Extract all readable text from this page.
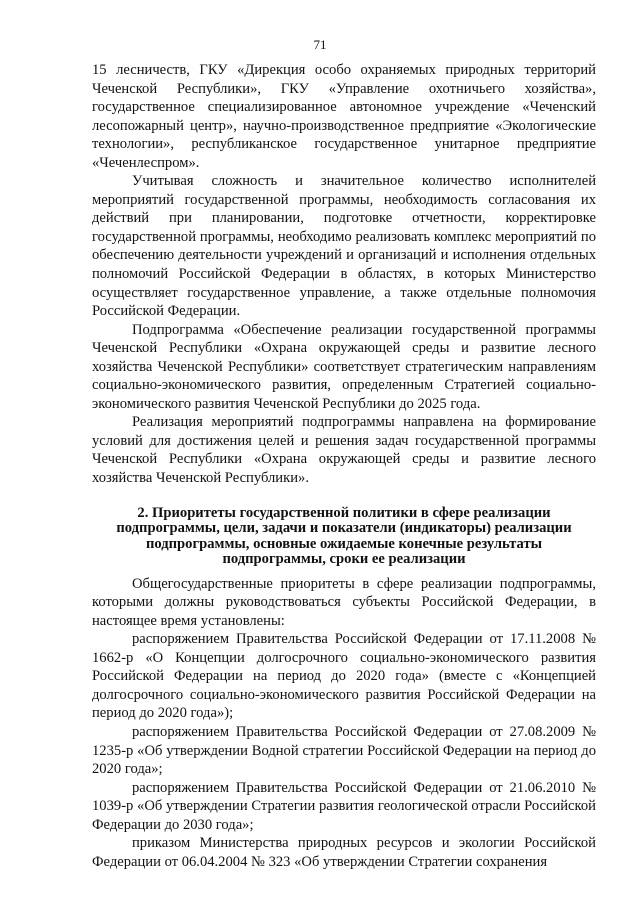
71

15 лесничеств, ГКУ «Дирекция особо охраняемых природных территорий Чеченской Республики», ГКУ «Управление охотничьего хозяйства», государственное специализированное автономное учреждение «Чеченский лесопожарный центр», научно-производственное предприятие «Экологические технологии», республиканское государственное унитарное предприятие «Чеченлеспром».

Учитывая сложность и значительное количество исполнителей мероприятий государственной программы, необходимость согласования их действий при планировании, подготовке отчетности, корректировке государственной программы, необходимо реализовать комплекс мероприятий по обеспечению деятельности учреждений и организаций и исполнения отдельных полномочий Российской Федерации в областях, в которых Министерство осуществляет государственное управление, а также отдельные полномочия Российской Федерации.

Подпрограмма «Обеспечение реализации государственной программы Чеченской Республики «Охрана окружающей среды и развитие лесного хозяйства Чеченской Республики» соответствует стратегическим направлениям социально-экономического развития, определенным Стратегией социально-экономического развития Чеченской Республики до 2025 года.

Реализация мероприятий подпрограммы направлена на формирование условий для достижения целей и решения задач государственной программы Чеченской Республики «Охрана окружающей среды и развитие лесного хозяйства Чеченской Республики».

2. Приоритеты государственной политики в сфере реализации
подпрограммы, цели, задачи и показатели (индикаторы) реализации
подпрограммы, основные ожидаемые конечные результаты
подпрограммы, сроки ее реализации

Общегосударственные приоритеты в сфере реализации подпрограммы, которыми должны руководствоваться субъекты Российской Федерации, в настоящее время установлены:

распоряжением Правительства Российской Федерации от 17.11.2008 № 1662-р «О Концепции долгосрочного социально-экономического развития Российской Федерации на период до 2020 года» (вместе с «Концепцией долгосрочного социально-экономического развития Российской Федерации на период до 2020 года»);

распоряжением Правительства Российской Федерации от 27.08.2009 № 1235-р «Об утверждении Водной стратегии Российской Федерации на период до 2020 года»;

распоряжением Правительства Российской Федерации от 21.06.2010 № 1039-р «Об утверждении Стратегии развития геологической отрасли Российской Федерации до 2030 года»;

приказом Министерства природных ресурсов и экологии Российской Федерации от 06.04.2004 № 323 «Об утверждении Стратегии сохранения
